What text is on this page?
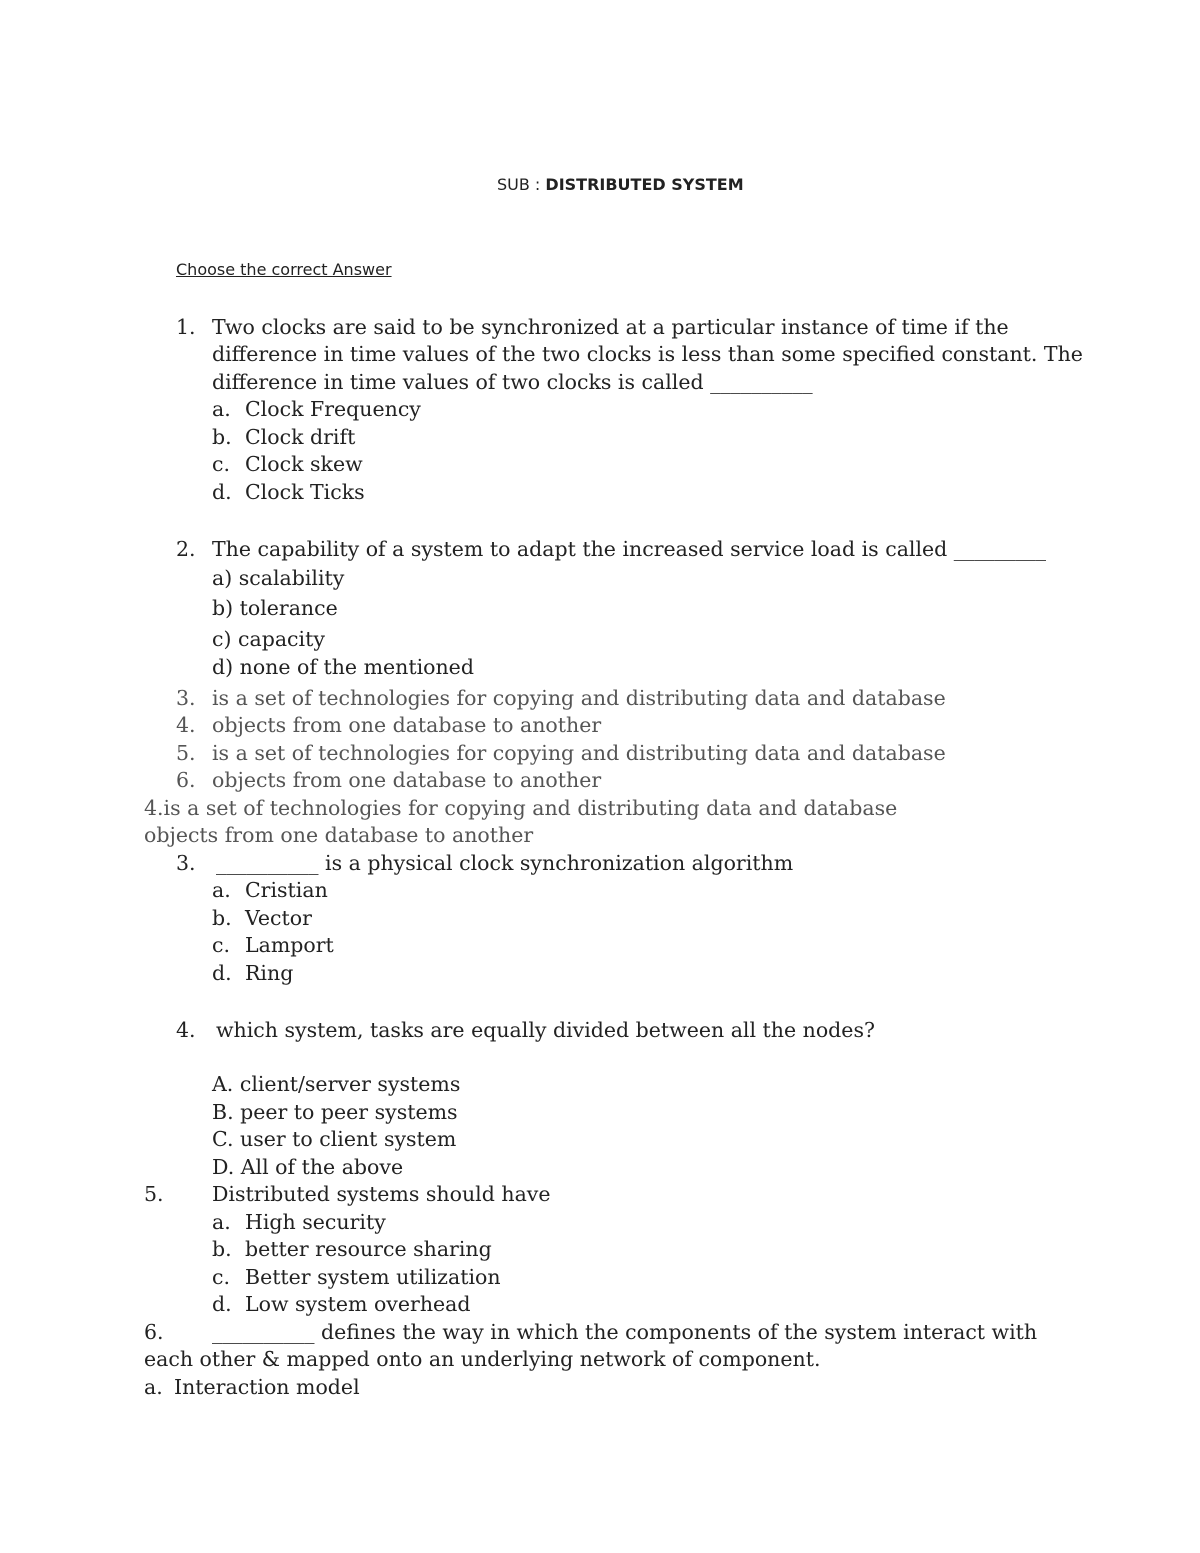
SUB : DISTRIBUTED SYSTEM
Choose the correct Answer
1. Two clocks are said to be synchronized at a particular instance of time if the
difference in time values of the two clocks is less than some specified constant. The
difference in time values of two clocks is called __________
a. Clock Frequency
b. Clock drift
c. Clock skew
d. Clock Ticks
2. The capability of a system to adapt the increased service load is called _________
a) scalability
b) tolerance
c) capacity
d) none of the mentioned
3. is a set of technologies for copying and distributing data and database
4. objects from one database to another
5. is a set of technologies for copying and distributing data and database
6. objects from one database to another
4.is a set of technologies for copying and distributing data and database
objects from one database to another
3. __________ is a physical clock synchronization algorithm
a. Cristian
b. Vector
c. Lamport
d. Ring
4. which system, tasks are equally divided between all the nodes?
A. client/server systems
B. peer to peer systems
C. user to client system
D. All of the above
5. Distributed systems should have
a. High security
b. better resource sharing
c. Better system utilization
d. Low system overhead
6. __________ defines the way in which the components of the system interact with
each other & mapped onto an underlying network of component.
a. Interaction model
